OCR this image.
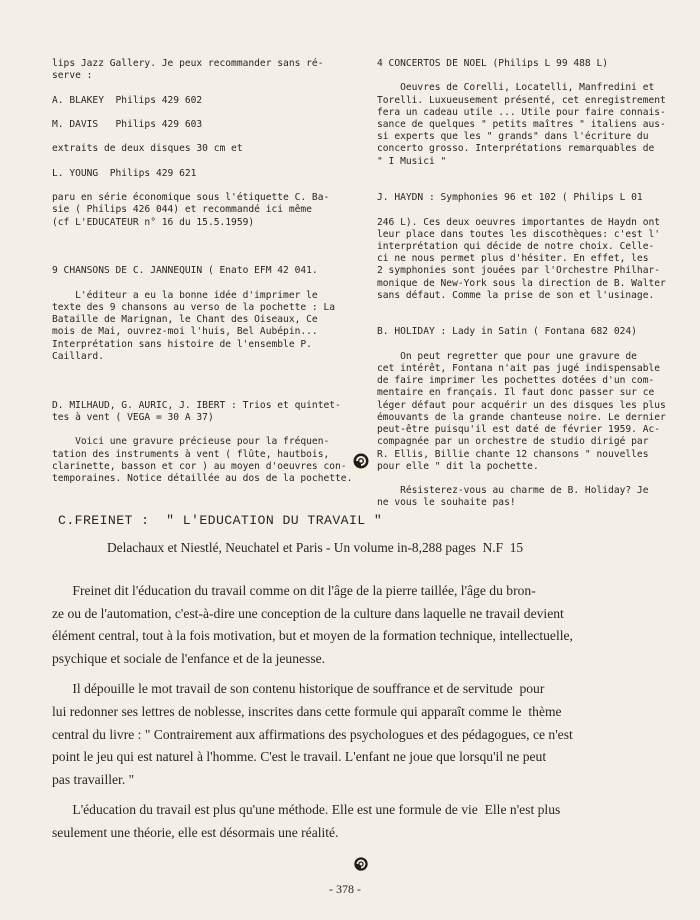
lips Jazz Gallery. Je peux recommander sans ré-

serve :

A. BLAKEY  Philips 429 602

M. DAVIS   Philips 429 603

extraits de deux disques 30 cm et

L. YOUNG  Philips 429 621

paru en série économique sous l'étiquette C. Ba-

sie ( Philips 426 044) et recommandé ici même

(cf L'EDUCATEUR n° 16 du 15.5.1959)

9 CHANSONS DE C. JANNEQUIN ( Enato EFM 42 041.

L'éditeur a eu la bonne idée d'imprimer le

texte des 9 chansons au verso de la pochette : La

Bataille de Marignan, le Chant des Oiseaux, Ce

mois de Mai, ouvrez-moi l'huis, Bel Aubépin...

Interprétation sans histoire de l'ensemble P.

Caillard.

D. MILHAUD, G. AURIC, J. IBERT : Trios et quintet-

tes à vent ( VEGA = 30 A 37)

Voici une gravure précieuse pour la fréquen-

tation des instruments à vent ( flûte, hautbois,

clarinette, basson et cor ) au moyen d'oeuvres con-

temporaines. Notice détaillée au dos de la pochette.

4 CONCERTOS DE NOEL (Philips L 99 488 L)

Oeuvres de Corelli, Locatelli, Manfredini et

Torelli. Luxueusement présenté, cet enregistrement

fera un cadeau utile ... Utile pour faire connais-

sance de quelques " petits maîtres " italiens aus-

si experts que les " grands" dans l'écriture du

concerto grosso. Interprétations remarquables de

" I Musici "

J. HAYDN : Symphonies 96 et 102 ( Philips L 01

246 L). Ces deux oeuvres importantes de Haydn ont

leur place dans toutes les discothèques: c'est l'

interprétation qui décide de notre choix. Celle-

ci ne nous permet plus d'hésiter. En effet, les

2 symphonies sont jouées par l'Orchestre Philhar-

monique de New-York sous la direction de B. Walter

sans défaut. Comme la prise de son et l'usinage.

B. HOLIDAY : Lady in Satin ( Fontana 682 024)

On peut regretter que pour une gravure de

cet intérêt, Fontana n'ait pas jugé indispensable

de faire imprimer les pochettes dotées d'un com-

mentaire en français. Il faut donc passer sur ce

léger défaut pour acquérir un des disques les plus

émouvants de la grande chanteuse noire. Le dernier

peut-être puisqu'il est daté de février 1959. Ac-

compagnée par un orchestre de studio dirigé par

R. Ellis, Billie chante 12 chansons " nouvelles

pour elle " dit la pochette.

Résisterez-vous au charme de B. Holiday? Je

ne vous le souhaite pas!

C.FREINET :  " L'EDUCATION DU TRAVAIL "
Delachaux et Niestlé, Neuchatel et Paris - Un volume in-8,288 pages  N.F  15

Freinet dit l'éducation du travail comme on dit l'âge de la pierre taillée, l'âge du bron-
ze ou de l'automation, c'est-à-dire une conception de la culture dans laquelle ne travail devient
élément central, tout à la fois motivation, but et moyen de la formation technique, intellectuelle,
psychique et sociale de l'enfance et de la jeunesse.

Il dépouille le mot travail de son contenu historique de souffrance et de servitude  pour
lui redonner ses lettres de noblesse, inscrites dans cette formule qui apparaît comme le  thème
central du livre : " Contrairement aux affirmations des psychologues et des pédagogues, ce n'est
point le jeu qui est naturel à l'homme. C'est le travail. L'enfant ne joue que lorsqu'il ne peut
pas travailler. "

L'éducation du travail est plus qu'une méthode. Elle est une formule de vie  Elle n'est plus
seulement une théorie, elle est désormais une réalité.

- 378 -
